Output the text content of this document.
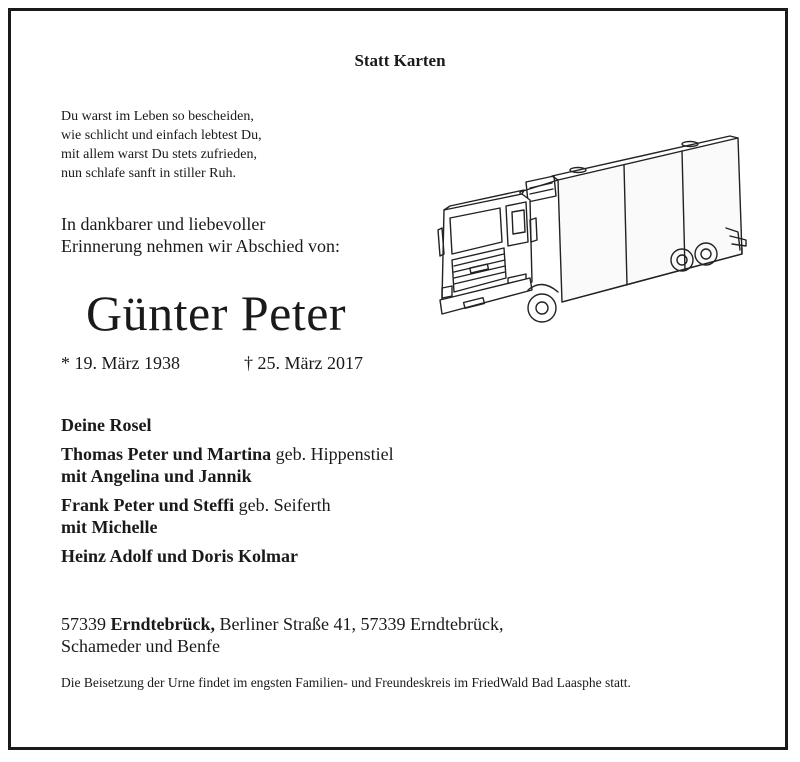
Statt Karten
Du warst im Leben so bescheiden,
wie schlicht und einfach lebtest Du,
mit allem warst Du stets zufrieden,
nun schlafe sanft in stiller Ruh.
In dankbarer und liebevoller
Erinnerung nehmen wir Abschied von:
Günter Peter
* 19. März 1938	† 25. März 2017
Deine Rosel
Thomas Peter und Martina geb. Hippenstiel
mit Angelina und Jannik
Frank Peter und Steffi geb. Seiferth
mit Michelle
Heinz Adolf und Doris Kolmar
57339 Erndtebrück, Berliner Straße 41, 57339 Erndtebrück,
Schameder und Benfe
Die Beisetzung der Urne findet im engsten Familien- und Freundeskreis im FriedWald Bad Laasphe statt.
